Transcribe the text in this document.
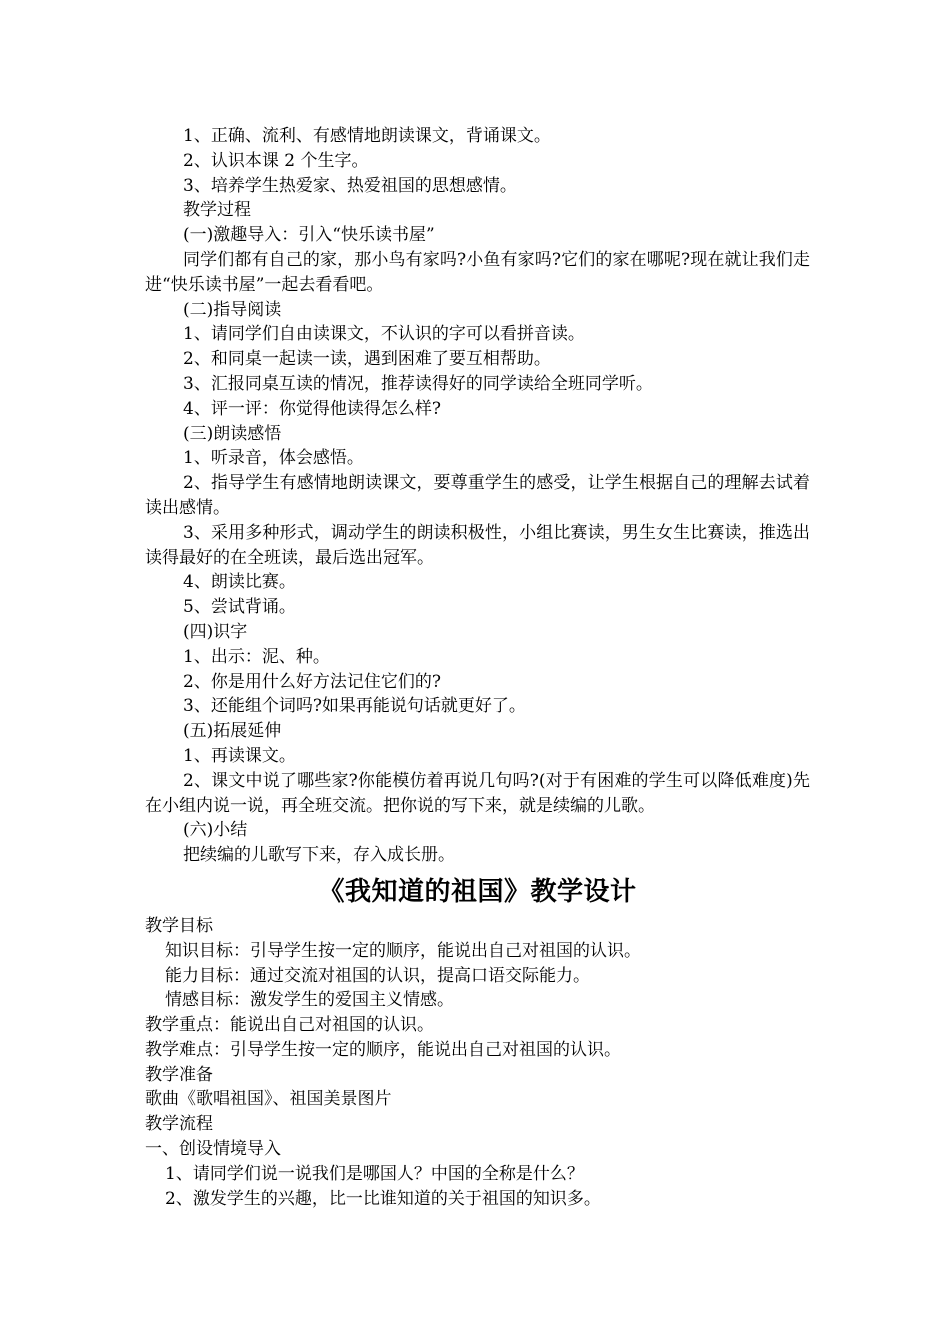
1、正确、流利、有感情地朗读课文，背诵课文。

2、认识本课 2 个生字。

3、培养学生热爱家、热爱祖国的思想感情。

教学过程

(一)激趣导入：引入“快乐读书屋”

同学们都有自己的家，那小鸟有家吗?小鱼有家吗?它们的家在哪呢?现在就让我们走进“快乐读书屋”一起去看看吧。

(二)指导阅读

1、请同学们自由读课文，不认识的字可以看拼音读。

2、和同桌一起读一读，遇到困难了要互相帮助。

3、汇报同桌互读的情况，推荐读得好的同学读给全班同学听。

4、评一评：你觉得他读得怎么样?

(三)朗读感悟

1、听录音，体会感悟。

2、指导学生有感情地朗读课文，要尊重学生的感受，让学生根据自己的理解去试着读出感情。

3、采用多种形式，调动学生的朗读积极性，小组比赛读，男生女生比赛读，推选出读得最好的在全班读，最后选出冠军。

4、朗读比赛。

5、尝试背诵。

(四)识字

1、出示：泥、种。

2、你是用什么好方法记住它们的?

3、还能组个词吗?如果再能说句话就更好了。

(五)拓展延伸

1、再读课文。

2、课文中说了哪些家?你能模仿着再说几句吗?(对于有困难的学生可以降低难度)先在小组内说一说，再全班交流。把你说的写下来，就是续编的儿歌。

(六)小结

把续编的儿歌写下来，存入成长册。

《我知道的祖国》教学设计

教学目标

知识目标：引导学生按一定的顺序，能说出自己对祖国的认识。

能力目标：通过交流对祖国的认识，提高口语交际能力。

情感目标：激发学生的爱国主义情感。

教学重点：能说出自己对祖国的认识。

教学难点：引导学生按一定的顺序，能说出自己对祖国的认识。

教学准备

歌曲《歌唱祖国》、祖国美景图片

教学流程

一、创设情境导入

1、请同学们说一说我们是哪国人？中国的全称是什么？

2、激发学生的兴趣，比一比谁知道的关于祖国的知识多。
